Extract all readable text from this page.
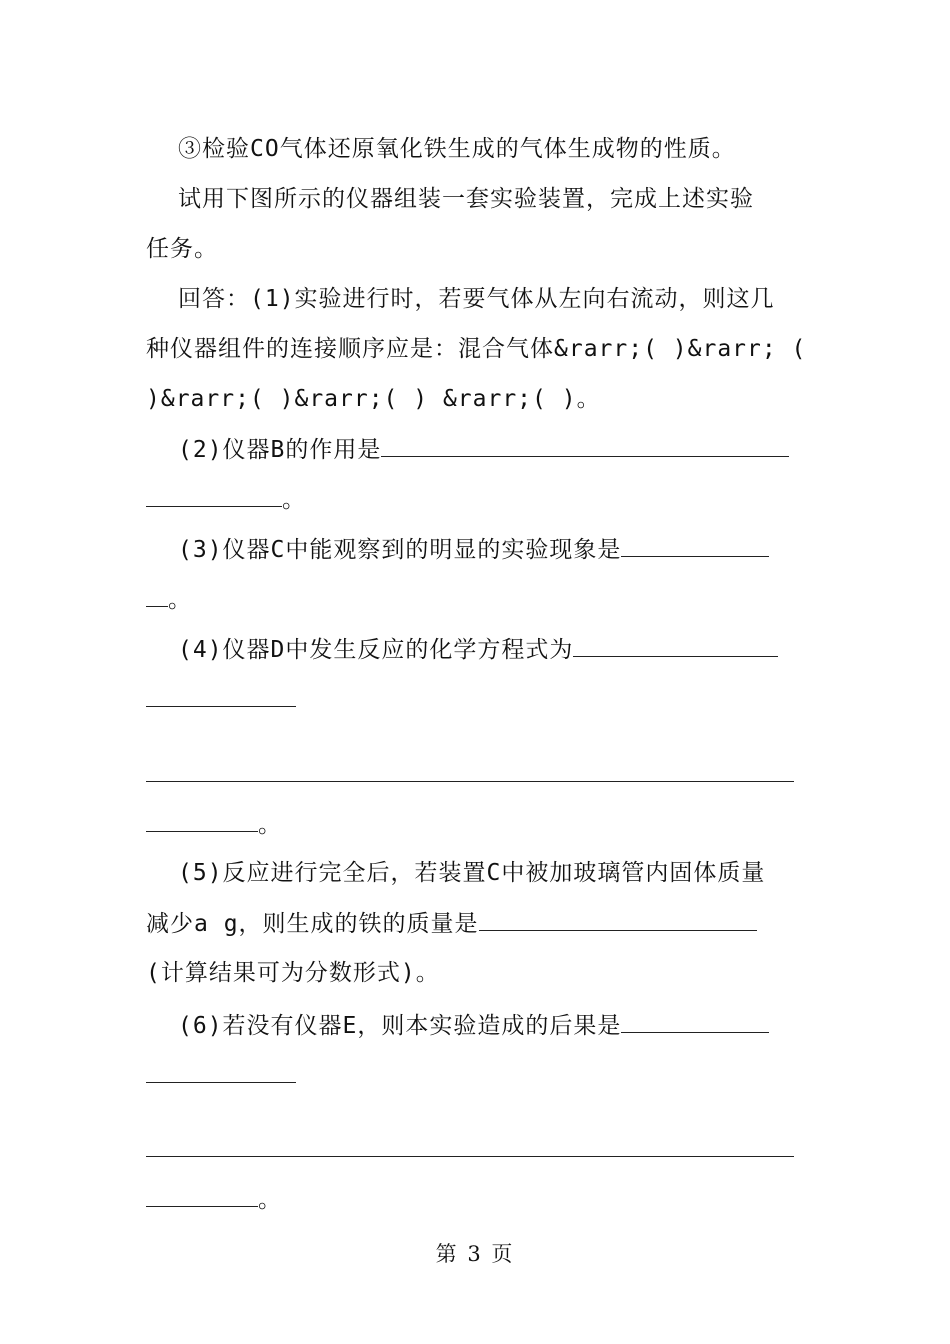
③检验CO气体还原氧化铁生成的气体生成物的性质。
试用下图所示的仪器组装一套实验装置，完成上述实验
任务。
回答：(1)实验进行时，若要气体从左向右流动，则这几
种仪器组件的连接顺序应是：混合气体&rarr;( )&rarr; (
)&rarr;( )&rarr;( ) &rarr;( )。
(2)仪器B的作用是
。
(3)仪器C中能观察到的明显的实验现象是
。
(4)仪器D中发生反应的化学方程式为
。
(5)反应进行完全后，若装置C中被加玻璃管内固体质量
减少a g，则生成的铁的质量是
(计算结果可为分数形式)。
(6)若没有仪器E，则本实验造成的后果是
。
第 3 页
